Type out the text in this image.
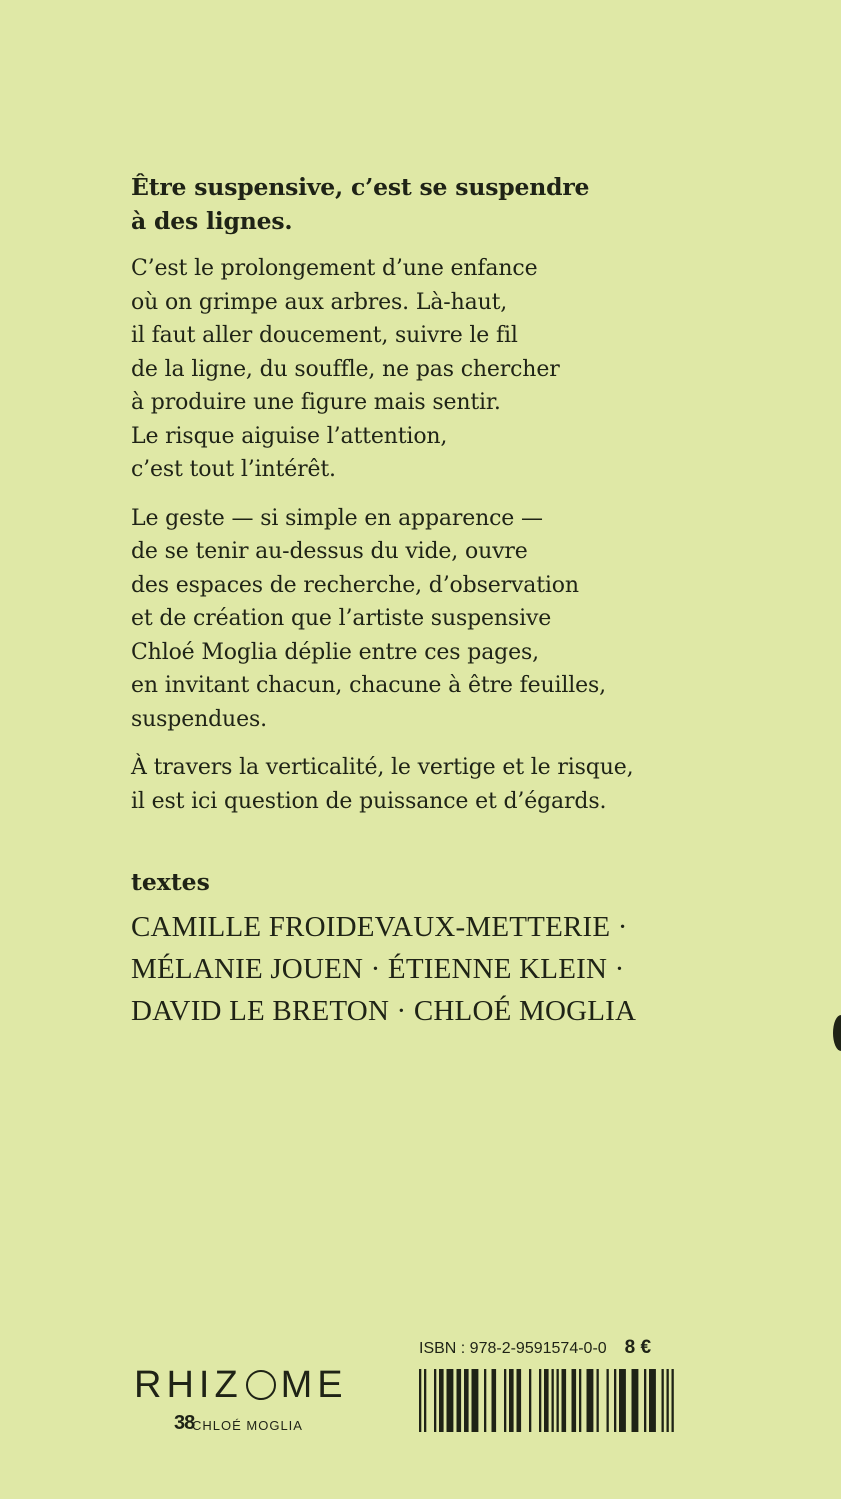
Être suspensive, c’est se suspendre
à des lignes.

C’est le prolongement d’une enfance
où on grimpe aux arbres. Là-haut,
il faut aller doucement, suivre le fil
de la ligne, du souffle, ne pas chercher
à produire une figure mais sentir.
Le risque aiguise l’attention,
c’est tout l’intérêt.

Le geste — si simple en apparence —
de se tenir au-dessus du vide, ouvre
des espaces de recherche, d’observation
et de création que l’artiste suspensive
Chloé Moglia déplie entre ces pages,
en invitant chacun, chacune à être feuilles,
suspendues.

À travers la verticalité, le vertige et le risque,
il est ici question de puissance et d’égards.

textes
CAMILLE FROIDEVAUX-METTERIE ·
MÉLANIE JOUEN · ÉTIENNE KLEIN ·
DAVID LE BRETON · CHLOÉ MOGLIA
RHIZ ME
38
CHLOÉ MOGLIA
ISBN : 978-2-9591574-0-0 8 €
